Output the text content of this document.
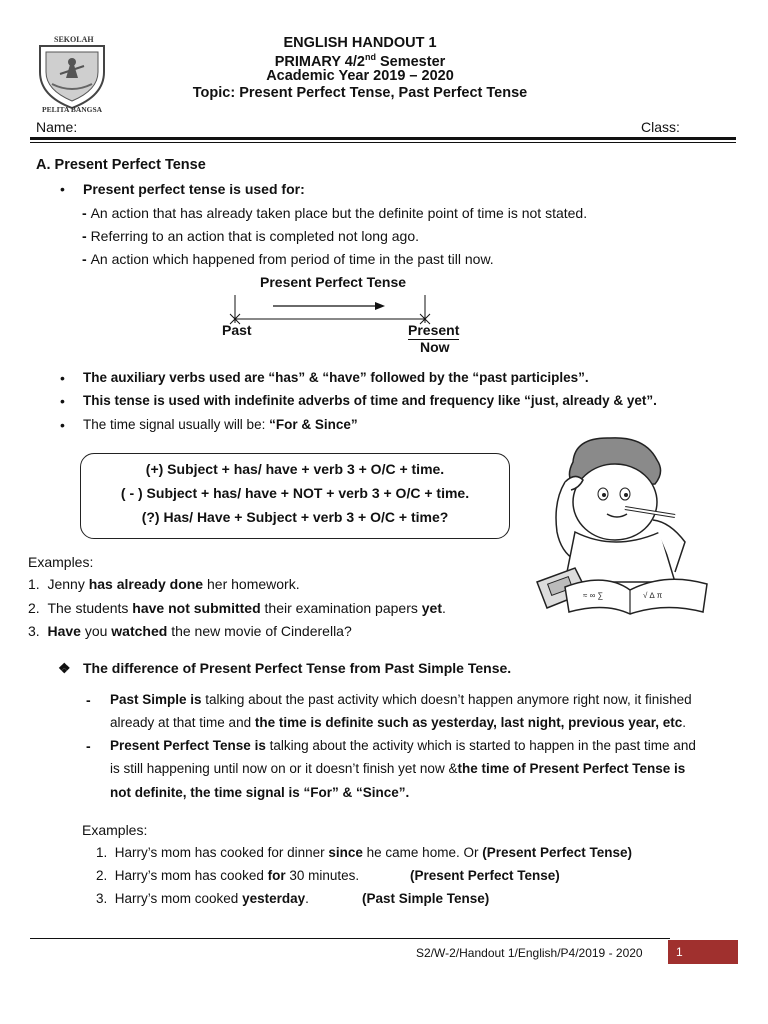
SEKOLAH
PELITA BANGSA
ENGLISH HANDOUT 1
PRIMARY 4/2nd Semester
Academic Year 2019 – 2020
Topic: Present Perfect Tense, Past Perfect Tense
Name:	Class:
A. Present Perfect Tense
• Present perfect tense is used for:
- An action that has already taken place but the definite point of time is not stated.
- Referring to an action that is completed not long ago.
- An action which happened from period of time in the past till now.
Present Perfect Tense
Past	Present
Now
• The auxiliary verbs used are “has” & “have” followed by the “past participles”.
• This tense is used with indefinite adverbs of time and frequency like “just, already & yet”.
• The time signal usually will be: “For & Since”
(+) Subject + has/ have + verb 3 + O/C + time.
( - ) Subject + has/ have + NOT + verb 3 + O/C + time.
(?) Has/ Have + Subject + verb 3 + O/C + time?
≈ ∞ ∑	√ ∆ π
Examples:
1. Jenny has already done her homework.
2. The students have not submitted their examination papers yet.
3. Have you watched the new movie of Cinderella?
❖ The difference of Present Perfect Tense from Past Simple Tense.
- Past Simple is talking about the past activity which doesn’t happen anymore right now, it finished
already at that time and the time is definite such as yesterday, last night, previous year, etc.
- Present Perfect Tense is talking about the activity which is started to happen in the past time and
is still happening until now on or it doesn’t finish yet now &the time of Present Perfect Tense is
not definite, the time signal is “For” & “Since”.
Examples:
1. Harry’s mom has cooked for dinner since he came home. Or (Present Perfect Tense)
2. Harry’s mom has cooked for 30 minutes.	(Present Perfect Tense)
3. Harry’s mom cooked yesterday.	(Past Simple Tense)
S2/W-2/Handout 1/English/P4/2019 - 2020	1
